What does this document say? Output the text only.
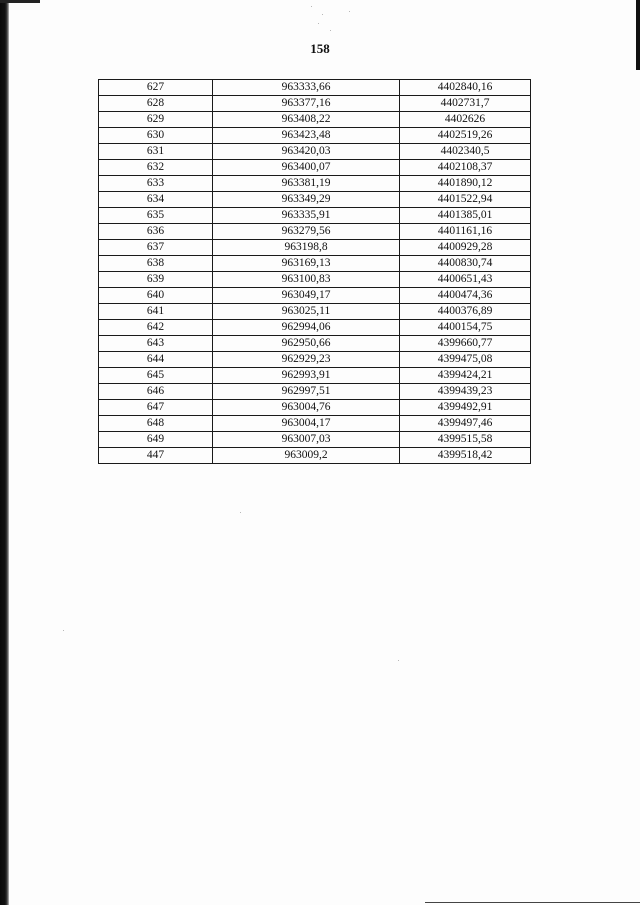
158
627	963333,66	4402840,16
628	963377,16	4402731,7
629	963408,22	4402626
630	963423,48	4402519,26
631	963420,03	4402340,5
632	963400,07	4402108,37
633	963381,19	4401890,12
634	963349,29	4401522,94
635	963335,91	4401385,01
636	963279,56	4401161,16
637	963198,8	4400929,28
638	963169,13	4400830,74
639	963100,83	4400651,43
640	963049,17	4400474,36
641	963025,11	4400376,89
642	962994,06	4400154,75
643	962950,66	4399660,77
644	962929,23	4399475,08
645	962993,91	4399424,21
646	962997,51	4399439,23
647	963004,76	4399492,91
648	963004,17	4399497,46
649	963007,03	4399515,58
447	963009,2	4399518,42
